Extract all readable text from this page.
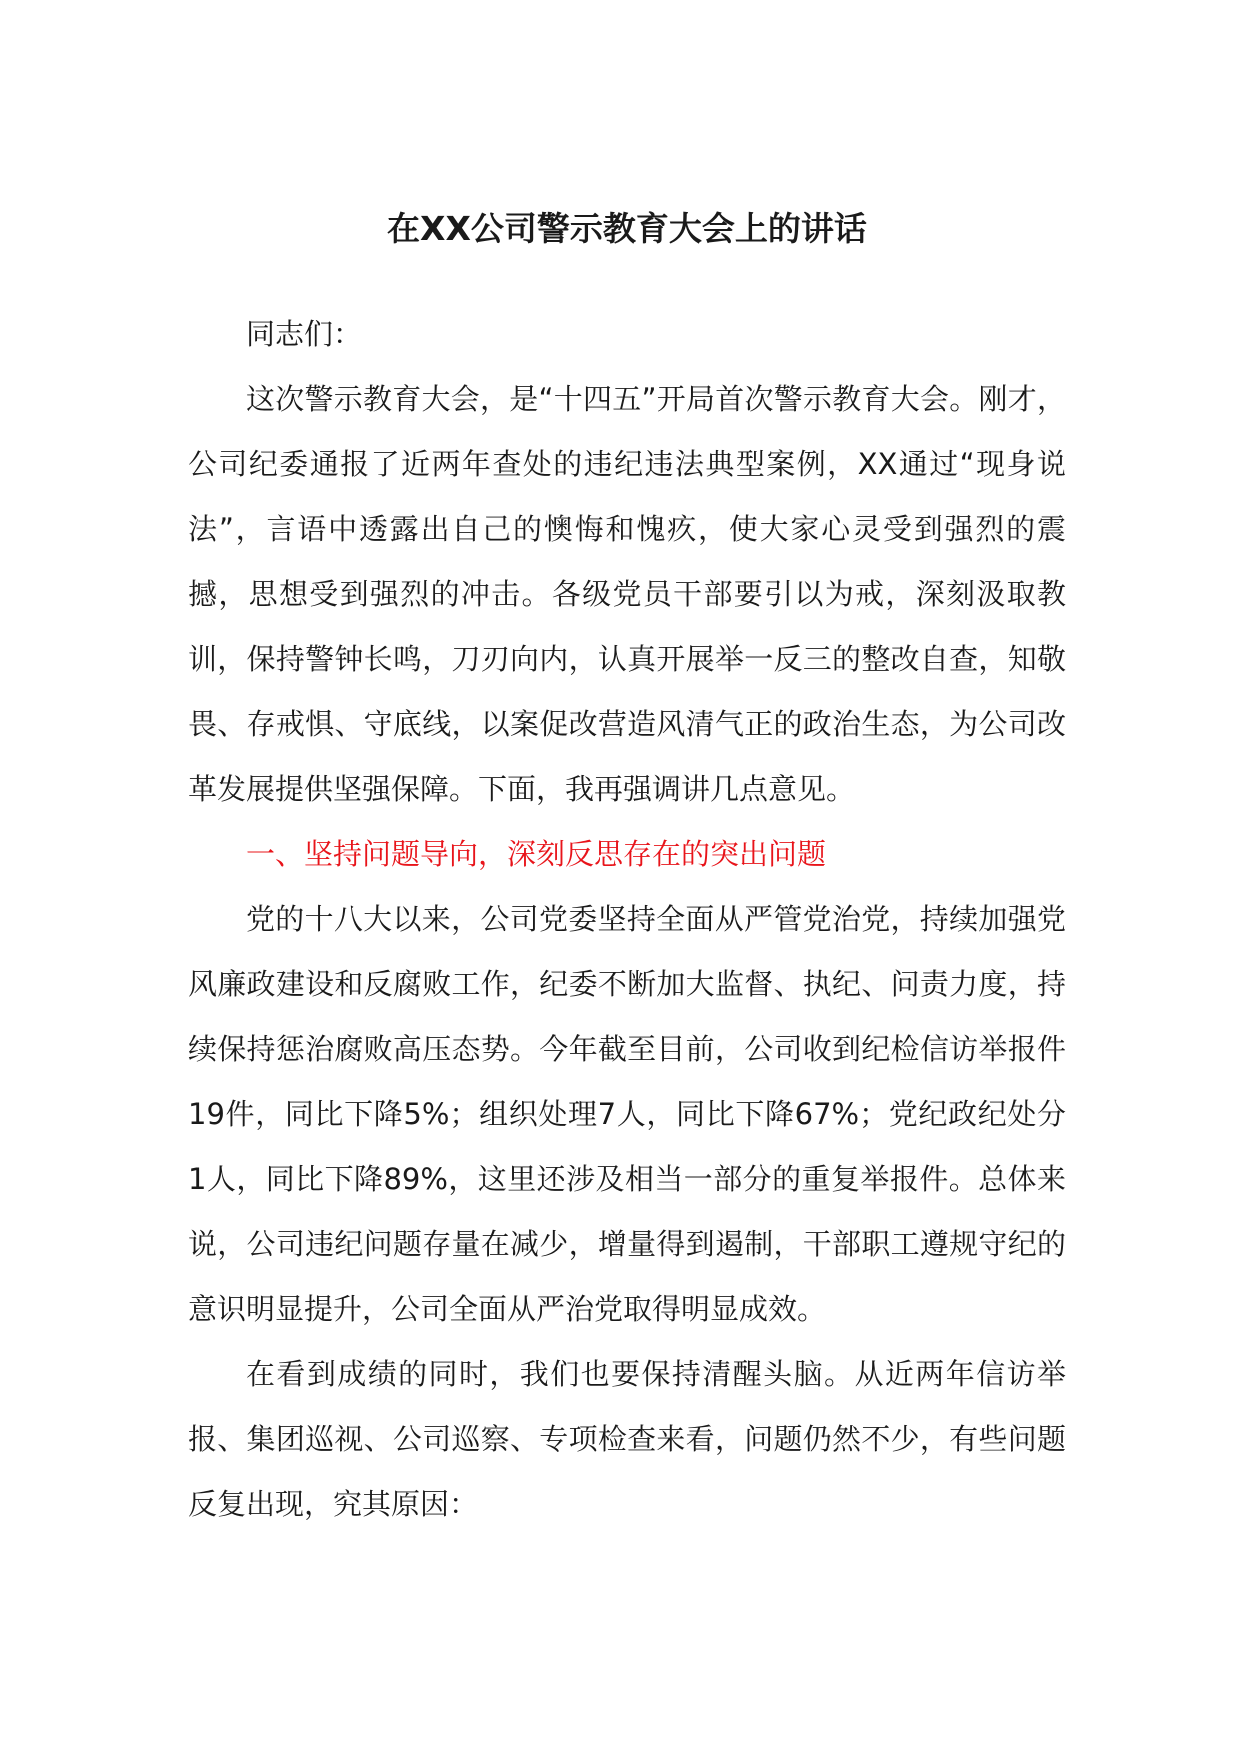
在XX公司警示教育大会上的讲话

同志们：

这次警示教育大会，是“十四五”开局首次警示教育大会。刚才，公司纪委通报了近两年查处的违纪违法典型案例，XX通过“现身说法”，言语中透露出自己的懊悔和愧疚，使大家心灵受到强烈的震撼，思想受到强烈的冲击。各级党员干部要引以为戒，深刻汲取教训，保持警钟长鸣，刀刃向内，认真开展举一反三的整改自查，知敬畏、存戒惧、守底线，以案促改营造风清气正的政治生态，为公司改革发展提供坚强保障。下面，我再强调讲几点意见。

一、坚持问题导向，深刻反思存在的突出问题

党的十八大以来，公司党委坚持全面从严管党治党，持续加强党风廉政建设和反腐败工作，纪委不断加大监督、执纪、问责力度，持续保持惩治腐败高压态势。今年截至目前，公司收到纪检信访举报件19件，同比下降5%；组织处理7人，同比下降67%；党纪政纪处分1人，同比下降89%，这里还涉及相当一部分的重复举报件。总体来说，公司违纪问题存量在减少，增量得到遏制，干部职工遵规守纪的意识明显提升，公司全面从严治党取得明显成效。

在看到成绩的同时，我们也要保持清醒头脑。从近两年信访举报、集团巡视、公司巡察、专项检查来看，问题仍然不少，有些问题反复出现，究其原因：
